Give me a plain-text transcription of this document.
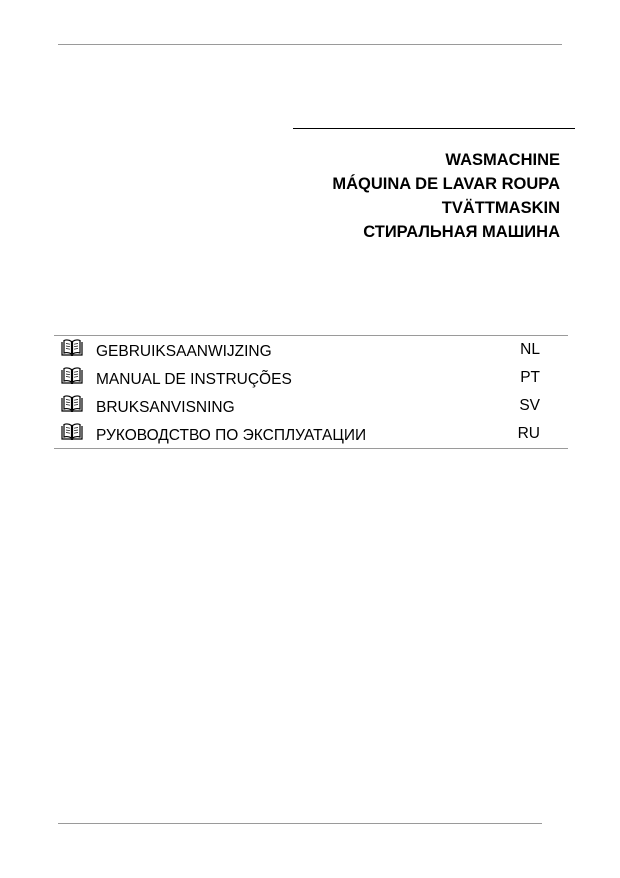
WASMACHINE
MÁQUINA DE LAVAR ROUPA
TVÄTTMASKIN
СТИРАЛЬНАЯ МАШИНА
GEBRUIKSAANWIJZING	NL
MANUAL DE INSTRUÇÕES	PT
BRUKSANVISNING	SV
РУКОВОДСТВО ПО ЭКСПЛУАТАЦИИ	RU
